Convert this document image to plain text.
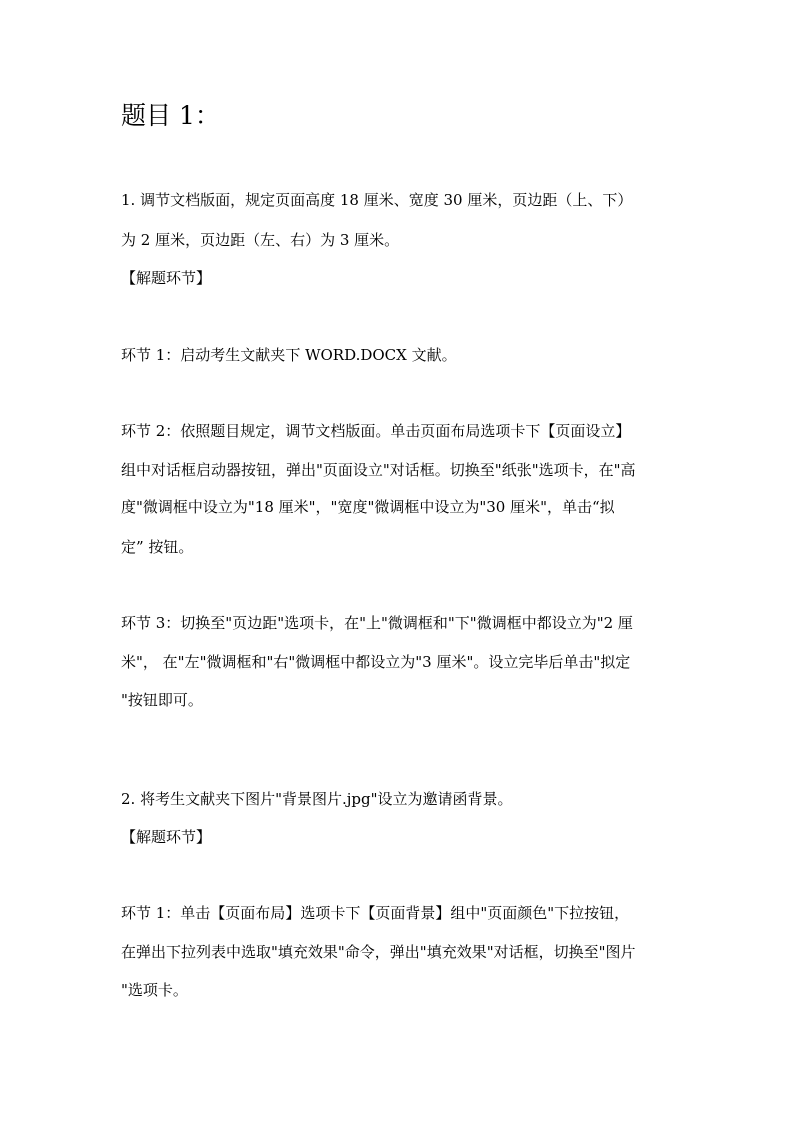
题目 1：

1. 调节文档版面，规定页面高度 18 厘米、宽度 30 厘米，页边距（上、下）

为 2 厘米，页边距（左、右）为 3 厘米。

【解题环节】

环节 1：启动考生文献夹下 WORD.DOCX 文献。

环节 2：依照题目规定，调节文档版面。单击页面布局选项卡下【页面设立】

组中对话框启动器按钮，弹出"页面设立"对话框。切换至"纸张"选项卡，在"高

度"微调框中设立为"18 厘米"，"宽度"微调框中设立为"30 厘米"，单击“拟

定” 按钮。

环节 3：切换至"页边距"选项卡，在"上"微调框和"下"微调框中都设立为"2 厘

米"， 在"左"微调框和"右"微调框中都设立为"3 厘米"。设立完毕后单击"拟定

"按钮即可。

2. 将考生文献夹下图片"背景图片.jpg"设立为邀请函背景。

【解题环节】

环节 1：单击【页面布局】选项卡下【页面背景】组中"页面颜色"下拉按钮，

在弹出下拉列表中选取"填充效果"命令，弹出"填充效果"对话框，切换至"图片

"选项卡。
